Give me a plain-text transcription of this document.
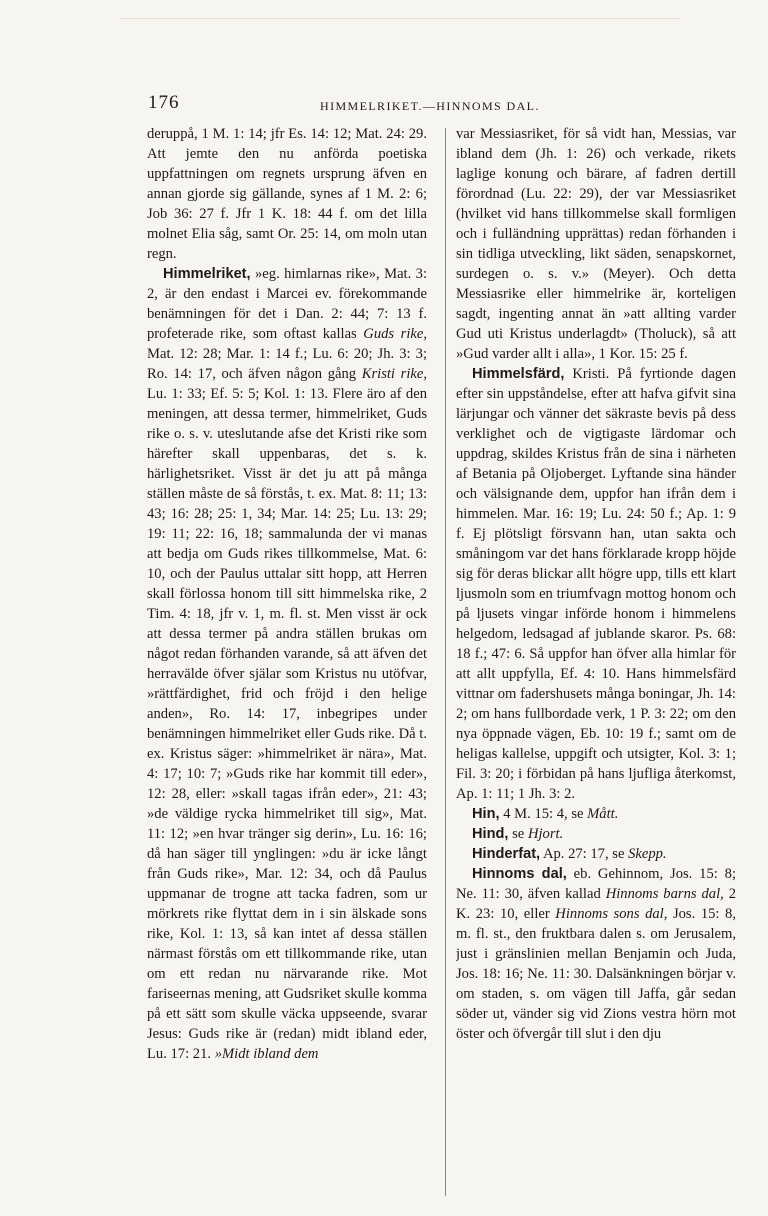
176	HIMMELRIKET.—HINNOMS DAL.

deruppå, 1 M. 1: 14; jfr Es. 14: 12; Mat. 24: 29. Att jemte den nu anförda poetiska uppfattningen om regnets ursprung äfven en annan gjorde sig gällande, synes af 1 M. 2: 6; Job 36: 27 f. Jfr 1 K. 18: 44 f. om det lilla molnet Elia såg, samt Or. 25: 14, om moln utan regn.

Himmelriket, »eg. himlarnas rike», Mat. 3: 2, är den endast i Marcei ev. förekommande benämningen för det i Dan. 2: 44; 7: 13 f. profeterade rike, som oftast kallas Guds rike, Mat. 12: 28; Mar. 1: 14 f.; Lu. 6: 20; Jh. 3: 3; Ro. 14: 17, och äfven någon gång Kristi rike, Lu. 1: 33; Ef. 5: 5; Kol. 1: 13. Flere äro af den meningen, att dessa termer, himmelriket, Guds rike o. s. v. uteslutande afse det Kristi rike som härefter skall uppenbaras, det s. k. härlighetsriket. Visst är det ju att på många ställen måste de så förstås, t. ex. Mat. 8: 11; 13: 43; 16: 28; 25: 1, 34; Mar. 14: 25; Lu. 13: 29; 19: 11; 22: 16, 18; sammalunda der vi manas att bedja om Guds rikes tillkommelse, Mat. 6: 10, och der Paulus uttalar sitt hopp, att Herren skall förlossa honom till sitt himmelska rike, 2 Tim. 4: 18, jfr v. 1, m. fl. st. Men visst är ock att dessa termer på andra ställen brukas om något redan förhanden varande, så att äfven det herravälde öfver själar som Kristus nu utöfvar, »rättfärdighet, frid och fröjd i den helige anden», Ro. 14: 17, inbegripes under benämningen himmelriket eller Guds rike. Då t. ex. Kristus säger: »himmelriket är nära», Mat. 4: 17; 10: 7; »Guds rike har kommit till eder», 12: 28, eller: »skall tagas ifrån eder», 21: 43; »de väldige rycka himmelriket till sig», Mat. 11: 12; »en hvar tränger sig derin», Lu. 16: 16; då han säger till ynglingen: »du är icke långt från Guds rike», Mar. 12: 34, och då Paulus uppmanar de trogne att tacka fadren, som ur mörkrets rike flyttat dem in i sin älskade sons rike, Kol. 1: 13, så kan intet af dessa ställen närmast förstås om ett tillkommande rike, utan om ett redan nu närvarande rike. Mot fariseernas mening, att Gudsriket skulle komma på ett sätt som skulle väcka uppseende, svarar Jesus: Guds rike är (redan) midt ibland eder, Lu. 17: 21. »Midt ibland dem

var Messiasriket, för så vidt han, Messias, var ibland dem (Jh. 1: 26) och verkade, rikets laglige konung och bärare, af fadren dertill förordnad (Lu. 22: 29), der var Messiasriket (hvilket vid hans tillkommelse skall formligen och i fulländning upprättas) redan förhanden i sin tidliga utveckling, likt säden, senapskornet, surdegen o. s. v.» (Meyer). Och detta Messiasrike eller himmelrike är, korteligen sagdt, ingenting annat än »att allting varder Gud uti Kristus underlagdt» (Tholuck), så att »Gud varder allt i alla», 1 Kor. 15: 25 f.

Himmelsfärd, Kristi. På fyrtionde dagen efter sin uppståndelse, efter att hafva gifvit sina lärjungar och vänner det säkraste bevis på dess verklighet och de vigtigaste lärdomar och uppdrag, skildes Kristus från de sina i närheten af Betania på Oljoberget. Lyftande sina händer och välsignande dem, uppfor han ifrån dem i himmelen. Mar. 16: 19; Lu. 24: 50 f.; Ap. 1: 9 f. Ej plötsligt försvann han, utan sakta och småningom var det hans förklarade kropp höjde sig för deras blickar allt högre upp, tills ett klart ljusmoln som en triumfvagn mottog honom och på ljusets vingar införde honom i himmelens helgedom, ledsagad af jublande skaror. Ps. 68: 18 f.; 47: 6. Så uppfor han öfver alla himlar för att allt uppfylla, Ef. 4: 10. Hans himmelsfärd vittnar om fadershusets många boningar, Jh. 14: 2; om hans fullbordade verk, 1 P. 3: 22; om den nya öppnade vägen, Eb. 10: 19 f.; samt om de heligas kallelse, uppgift och utsigter, Kol. 3: 1; Fil. 3: 20; i förbidan på hans ljufliga återkomst, Ap. 1: 11; 1 Jh. 3: 2.

Hin, 4 M. 15: 4, se Mått.

Hind, se Hjort.

Hinderfat, Ap. 27: 17, se Skepp.

Hinnoms dal, eb. Gehinnom, Jos. 15: 8; Ne. 11: 30, äfven kallad Hinnoms barns dal, 2 K. 23: 10, eller Hinnoms sons dal, Jos. 15: 8, m. fl. st., den fruktbara dalen s. om Jerusalem, just i gränslinien mellan Benjamin och Juda, Jos. 18: 16; Ne. 11: 30. Dalsänkningen börjar v. om staden, s. om vägen till Jaffa, går sedan söder ut, vänder sig vid Zions vestra hörn mot öster och öfvergår till slut i den dju
